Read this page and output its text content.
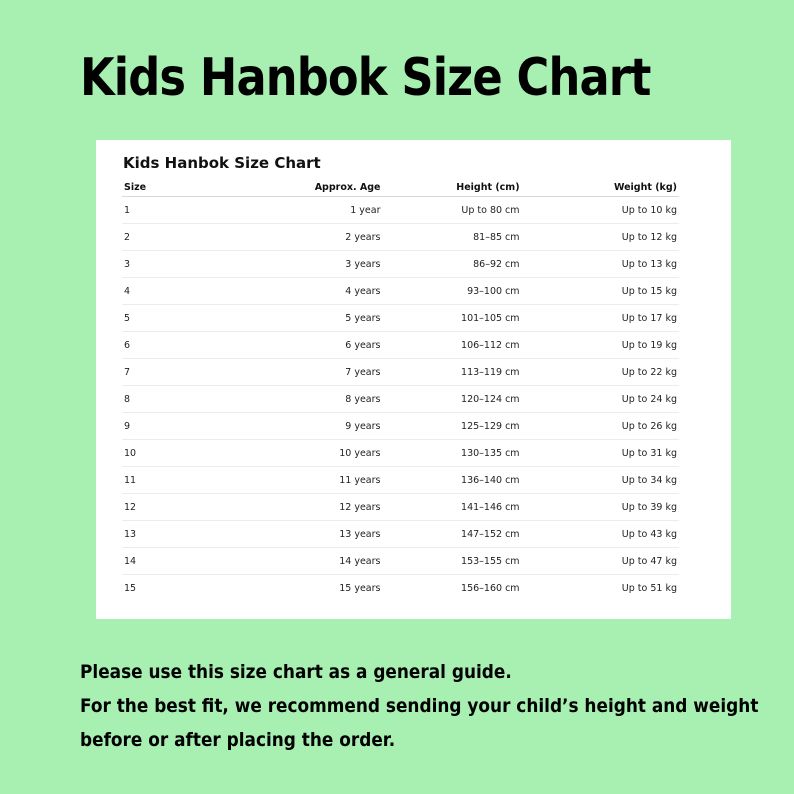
Kids Hanbok Size Chart
Kids Hanbok Size Chart
Size	Approx. Age	Height (cm)	Weight (kg)
1	1 year	Up to 80 cm	Up to 10 kg
2	2 years	81–85 cm	Up to 12 kg
3	3 years	86–92 cm	Up to 13 kg
4	4 years	93–100 cm	Up to 15 kg
5	5 years	101–105 cm	Up to 17 kg
6	6 years	106–112 cm	Up to 19 kg
7	7 years	113–119 cm	Up to 22 kg
8	8 years	120–124 cm	Up to 24 kg
9	9 years	125–129 cm	Up to 26 kg
10	10 years	130–135 cm	Up to 31 kg
11	11 years	136–140 cm	Up to 34 kg
12	12 years	141–146 cm	Up to 39 kg
13	13 years	147–152 cm	Up to 43 kg
14	14 years	153–155 cm	Up to 47 kg
15	15 years	156–160 cm	Up to 51 kg
Please use this size chart as a general guide.
For the best fit, we recommend sending your child’s height and weight
before or after placing the order.
